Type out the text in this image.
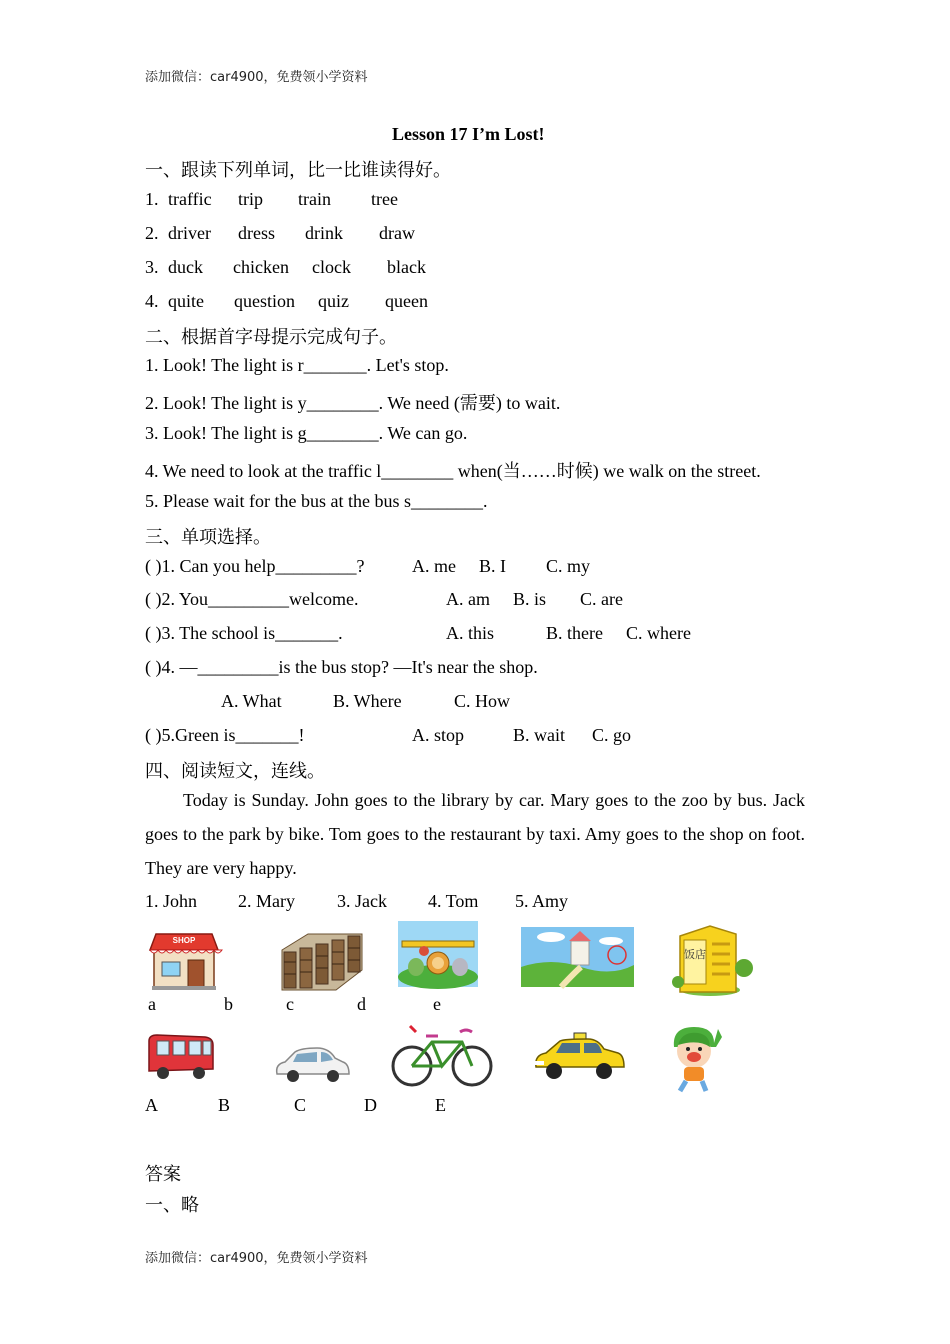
添加微信：car4900，免费领小学资料
Lesson 17 I’m Lost!
一、跟读下列单词，比一比谁读得好。
1. traffic trip train tree
2. driver dress drink draw
3. duck chicken clock black
4. quite question quiz queen
二、根据首字母提示完成句子。
1. Look! The light is r_______. Let's stop.
2. Look! The light is y________. We need (需要) to wait.
3. Look! The light is g________. We can go.
4. We need to look at the traffic l________ when(当……时候) we walk on the street.
5. Please wait for the bus at the bus s________.
三、单项选择。
( )1. Can you help_________?	A. me B. I C. my
( )2. You_________welcome.	A. am B. is C. are
( )3. The school is_______.	A. this	B. there C. where
( )4. —_________is the bus stop? —It's near the shop.
A. What	B. Where	C. How
( )5.Green is_______!	A. stop	B. wait C. go
四、阅读短文，连线。
Today is Sunday. John goes to the library by car. Mary goes to the zoo by bus. Jack goes to the park by bike. Tom goes to the restaurant by taxi. Amy goes to the shop on foot. They are very happy.
1. John 2. Mary 3. Jack 4. Tom 5. Amy
SHOP
饭店
a	b	c	d	e
A	B	C	D	E
答案
一、略
添加微信：car4900，免费领小学资料
